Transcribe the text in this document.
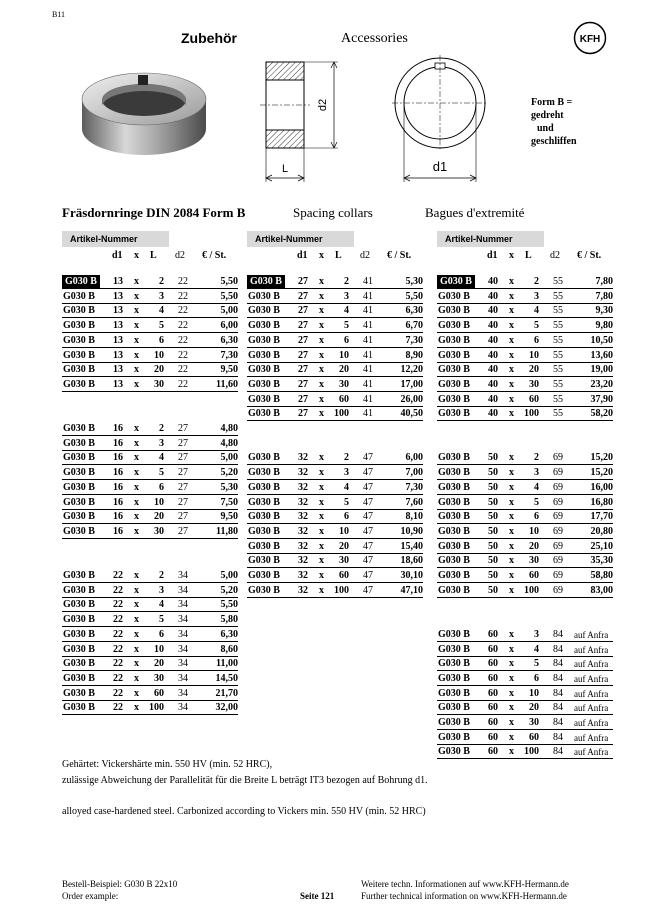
B11
Zubehör	Accessories	KFH
d2
L	d1
Form B =
gedreht
und
geschliffen
Fräsdornringe DIN 2084 Form B	Spacing collars	Bagues d'extremité
Artikel-Nummer
d1 x L d2 € / St.
G030 B	13 x	2	22	5,50
G030 B	13 x	3	22	5,50
G030 B	13 x	4	22	5,00
G030 B	13 x	5	22	6,00
G030 B	13 x	6	22	6,30
G030 B	13 x	10	22	7,30
G030 B	13 x	20	22	9,50
G030 B	13 x	30	22	11,60
G030 B	16 x	2	27	4,80
G030 B	16 x	3	27	4,80
G030 B	16 x	4	27	5,00
G030 B	16 x	5	27	5,20
G030 B	16 x	6	27	5,30
G030 B	16 x	10	27	7,50
G030 B	16 x	20	27	9,50
G030 B	16 x	30	27	11,80
G030 B	22 x	2	34	5,00
G030 B	22 x	3	34	5,20
G030 B	22 x	4	34	5,50
G030 B	22 x	5	34	5,80
G030 B	22 x	6	34	6,30
G030 B	22 x	10	34	8,60
G030 B	22 x	20	34	11,00
G030 B	22 x	30	34	14,50
G030 B	22 x	60	34	21,70
G030 B	22 x	100	34	32,00
Artikel-Nummer
d1 x L d2 € / St.
G030 B	27 x	2	41	5,30
G030 B	27 x	3	41	5,50
G030 B	27 x	4	41	6,30
G030 B	27 x	5	41	6,70
G030 B	27 x	6	41	7,30
G030 B	27 x	10	41	8,90
G030 B	27 x	20	41	12,20
G030 B	27 x	30	41	17,00
G030 B	27 x	60	41	26,00
G030 B	27 x	100	41	40,50
G030 B	32 x	2	47	6,00
G030 B	32 x	3	47	7,00
G030 B	32 x	4	47	7,30
G030 B	32 x	5	47	7,60
G030 B	32 x	6	47	8,10
G030 B	32 x	10	47	10,90
G030 B	32 x	20	47	15,40
G030 B	32 x	30	47	18,60
G030 B	32 x	60	47	30,10
G030 B	32 x	100	47	47,10
Artikel-Nummer
d1 x L d2 € / St.
G030 B	40 x	2	55	7,80
G030 B	40 x	3	55	7,80
G030 B	40 x	4	55	9,30
G030 B	40 x	5	55	9,80
G030 B	40 x	6	55	10,50
G030 B	40 x	10	55	13,60
G030 B	40 x	20	55	19,00
G030 B	40 x	30	55	23,20
G030 B	40 x	60	55	37,90
G030 B	40 x	100	55	58,20
G030 B	50 x	2	69	15,20
G030 B	50 x	3	69	15,20
G030 B	50 x	4	69	16,00
G030 B	50 x	5	69	16,80
G030 B	50 x	6	69	17,70
G030 B	50 x	10	69	20,80
G030 B	50 x	20	69	25,10
G030 B	50 x	30	69	35,30
G030 B	50 x	60	69	58,80
G030 B	50 x	100	69	83,00
G030 B	60 x	3	84 auf Anfra
G030 B	60 x	4	84 auf Anfra
G030 B	60 x	5	84 auf Anfra
G030 B	60 x	6	84 auf Anfra
G030 B	60 x	10	84 auf Anfra
G030 B	60 x	20	84 auf Anfra
G030 B	60 x	30	84 auf Anfra
G030 B	60 x	60	84 auf Anfra
G030 B	60 x	100	84 auf Anfra
Gehärtet: Vickershärte min. 550 HV (min. 52 HRC),
zulässige Abweichung der Parallelität für die Breite L beträgt IT3 bezogen auf Bohrung d1.
alloyed case-hardened steel. Carbonized according to Vickers min. 550 HV (min. 52 HRC)
Bestell-Beispiel: G030 B 22x10
Order example:	Seite 121
Weitere techn. Informationen auf www.KFH-Hermann.de
Further technical information on www.KFH-Hermann.de
